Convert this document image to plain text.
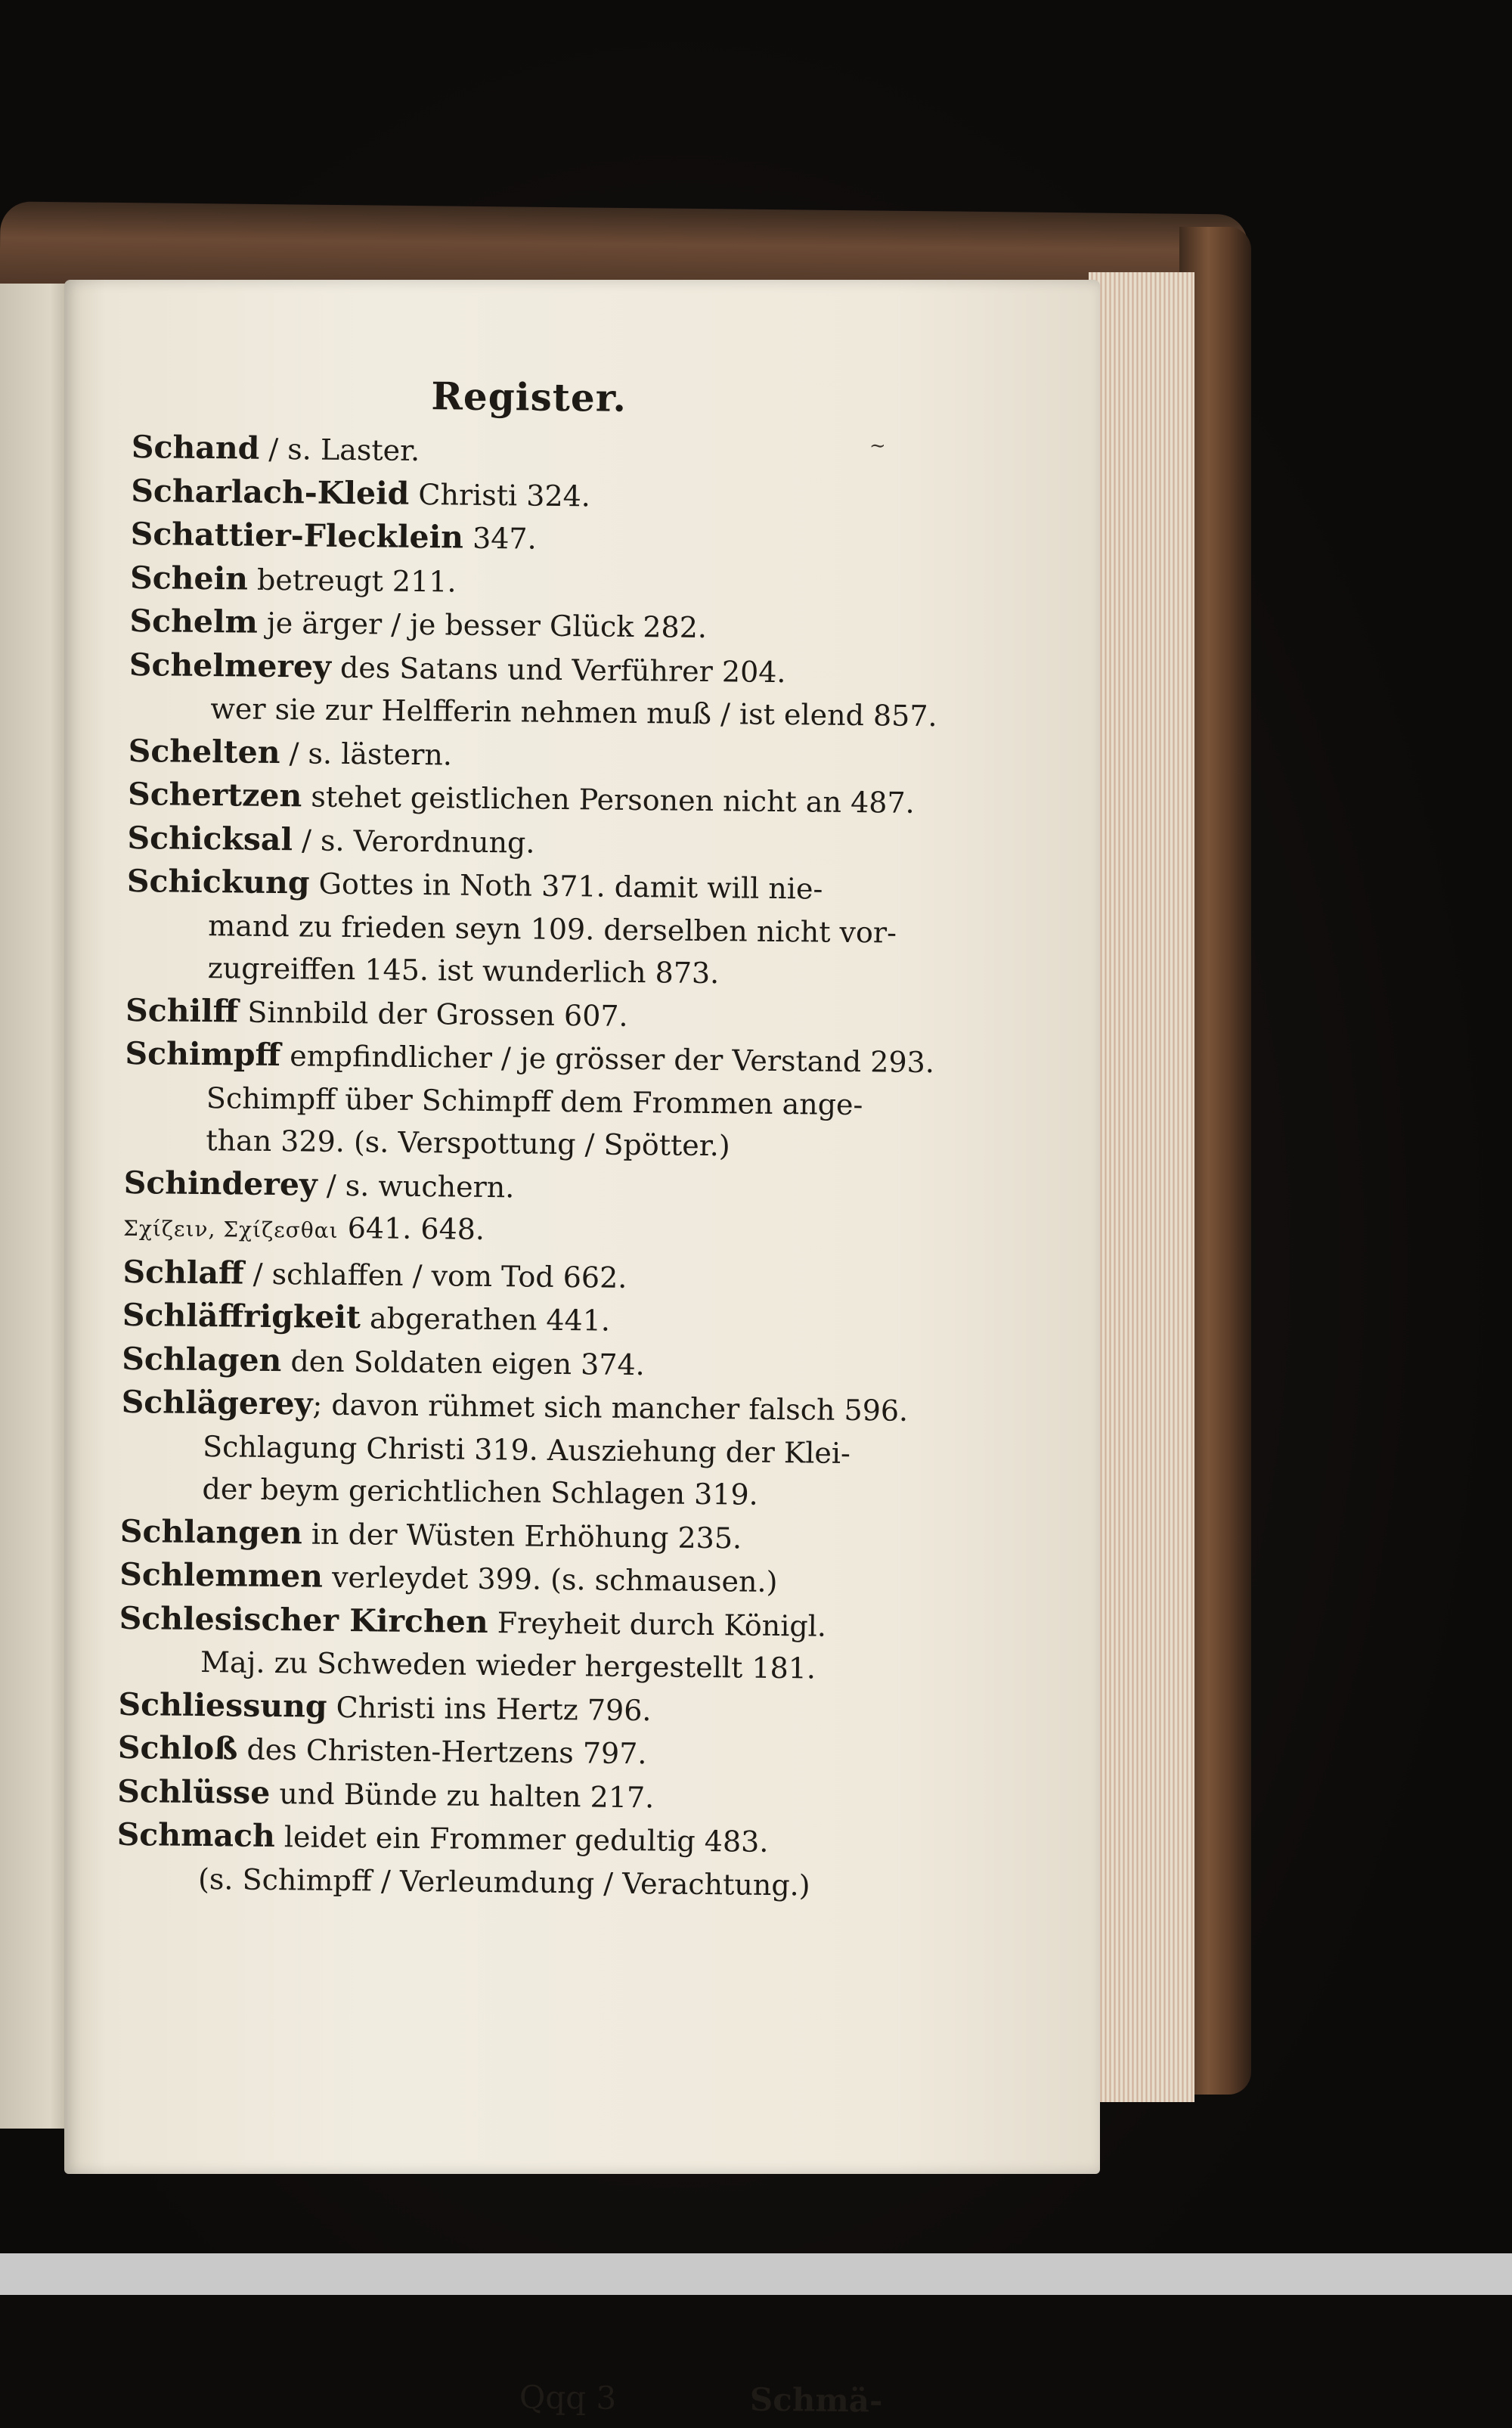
Register.
Schand / s. Laster.
Scharlach-Kleid Christi 324.
Schattier-Flecklein 347.
Schein betreugt 211.
Schelm je ärger / je besser Glück 282.
Schelmerey des Satans und Verführer 204.
wer sie zur Helfferin nehmen muß / ist elend 857.
Schelten / s. lästern.
Schertzen stehet geistlichen Personen nicht an 487.
Schicksal / s. Verordnung.
Schickung Gottes in Noth 371. damit will nie-
mand zu frieden seyn 109. derselben nicht vor-
zugreiffen 145. ist wunderlich 873.
Schilff Sinnbild der Grossen 607.
Schimpff empfindlicher / je grösser der Verstand 293.
Schimpff über Schimpff dem Frommen ange-
than 329. (s. Verspottung / Spötter.)
Schinderey / s. wuchern.
Σχίζειν, Σχίζεσθαι 641. 648.
Schlaff / schlaffen / vom Tod 662.
Schläffrigkeit abgerathen 441.
Schlagen den Soldaten eigen 374.
Schlägerey; davon rühmet sich mancher falsch 596.
Schlagung Christi 319. Ausziehung der Klei-
der beym gerichtlichen Schlagen 319.
Schlangen in der Wüsten Erhöhung 235.
Schlemmen verleydet 399. (s. schmausen.)
Schlesischer Kirchen Freyheit durch Königl.
Maj. zu Schweden wieder hergestellt 181.
Schliessung Christi ins Hertz 796.
Schloß des Christen-Hertzens 797.
Schlüsse und Bünde zu halten 217.
Schmach leidet ein Frommer gedultig 483.
(s. Schimpff / Verleumdung / Verachtung.)
Qqq 3	Schmä-
~
